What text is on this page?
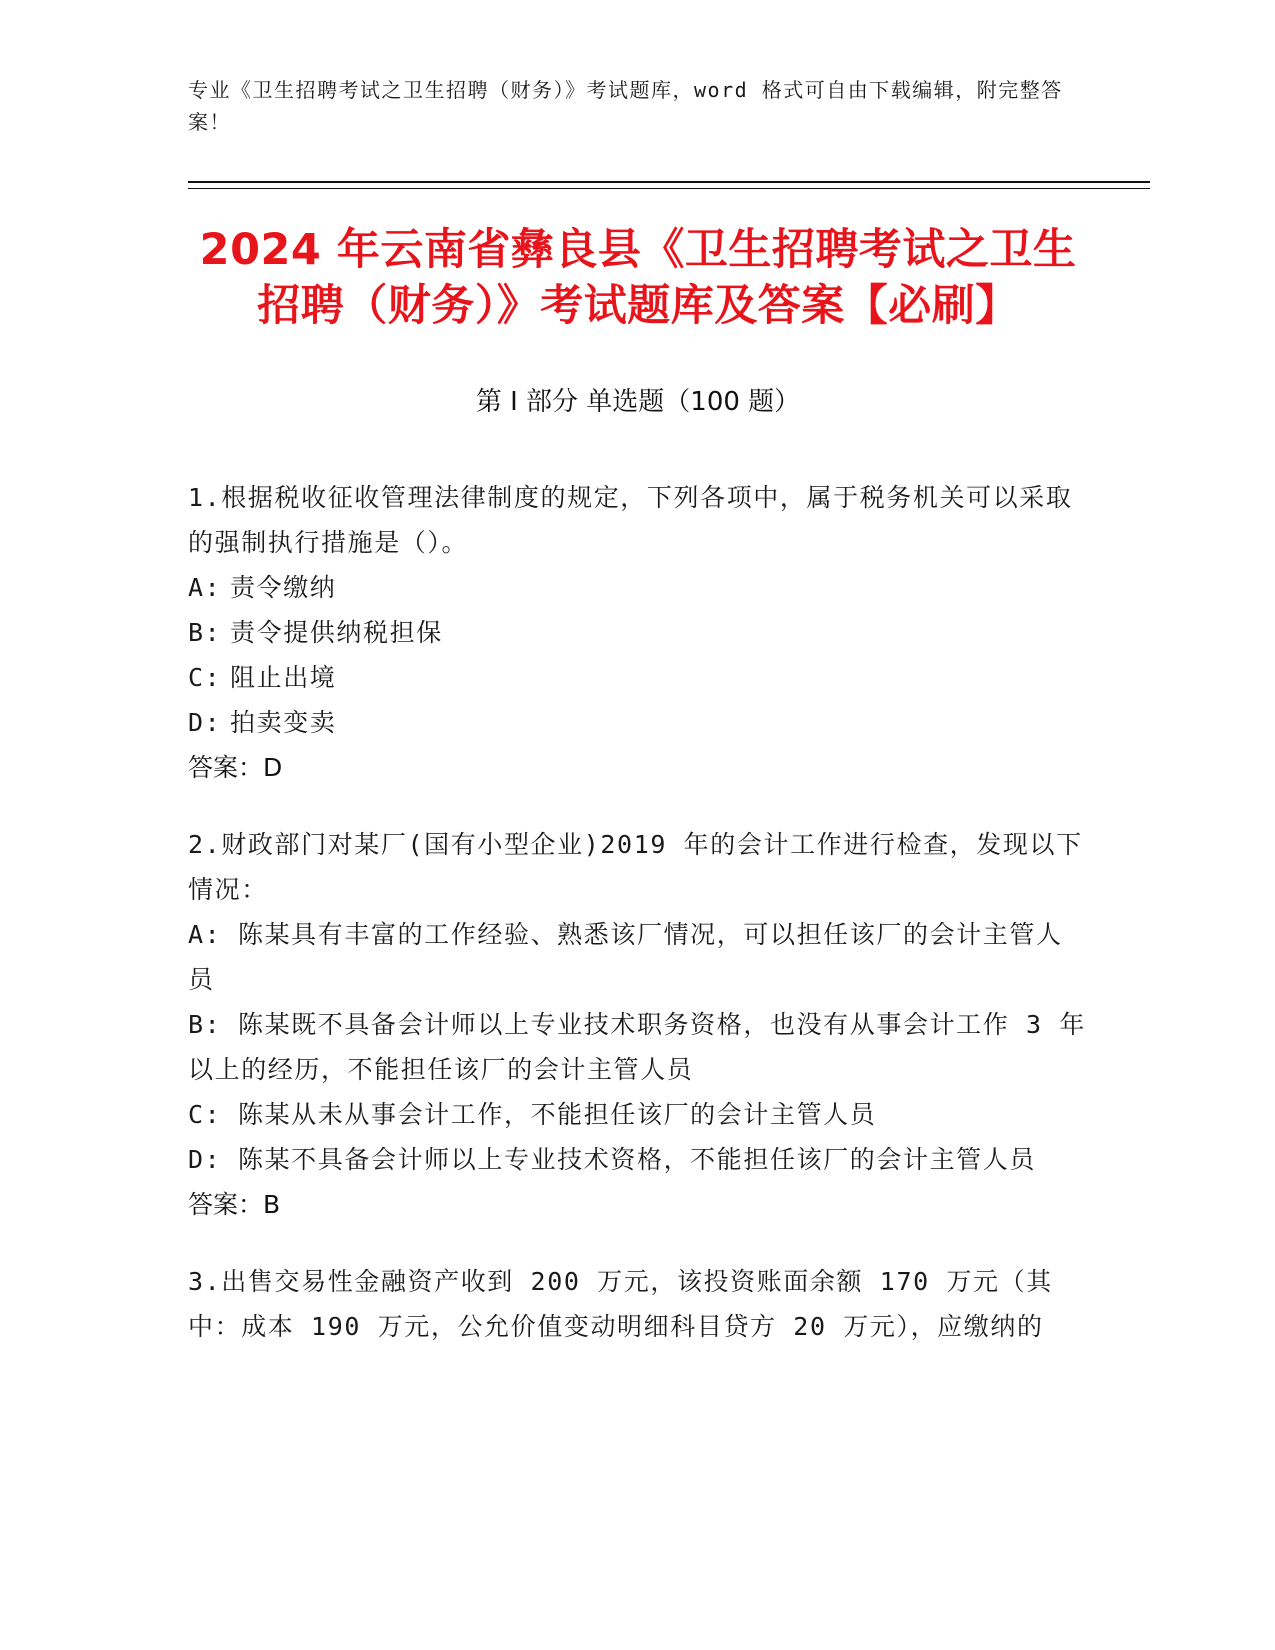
专业《卫生招聘考试之卫生招聘（财务）》考试题库，word 格式可自由下载编辑，附完整答案！
2024 年云南省彝良县《卫生招聘考试之卫生招聘（财务）》考试题库及答案【必刷】
第 I 部分 单选题（100 题）
1.根据税收征收管理法律制度的规定，下列各项中，属于税务机关可以采取的强制执行措施是（）。
A: 责令缴纳
B: 责令提供纳税担保
C: 阻止出境
D: 拍卖变卖
答案：D
2.财政部门对某厂(国有小型企业)2019 年的会计工作进行检查，发现以下情况：
A: 陈某具有丰富的工作经验、熟悉该厂情况，可以担任该厂的会计主管人员
B: 陈某既不具备会计师以上专业技术职务资格，也没有从事会计工作 3 年以上的经历，不能担任该厂的会计主管人员
C: 陈某从未从事会计工作，不能担任该厂的会计主管人员
D: 陈某不具备会计师以上专业技术资格，不能担任该厂的会计主管人员
答案：B
3.出售交易性金融资产收到 200 万元，该投资账面余额 170 万元（其中：成本 190 万元，公允价值变动明细科目贷方 20 万元），应缴纳的
